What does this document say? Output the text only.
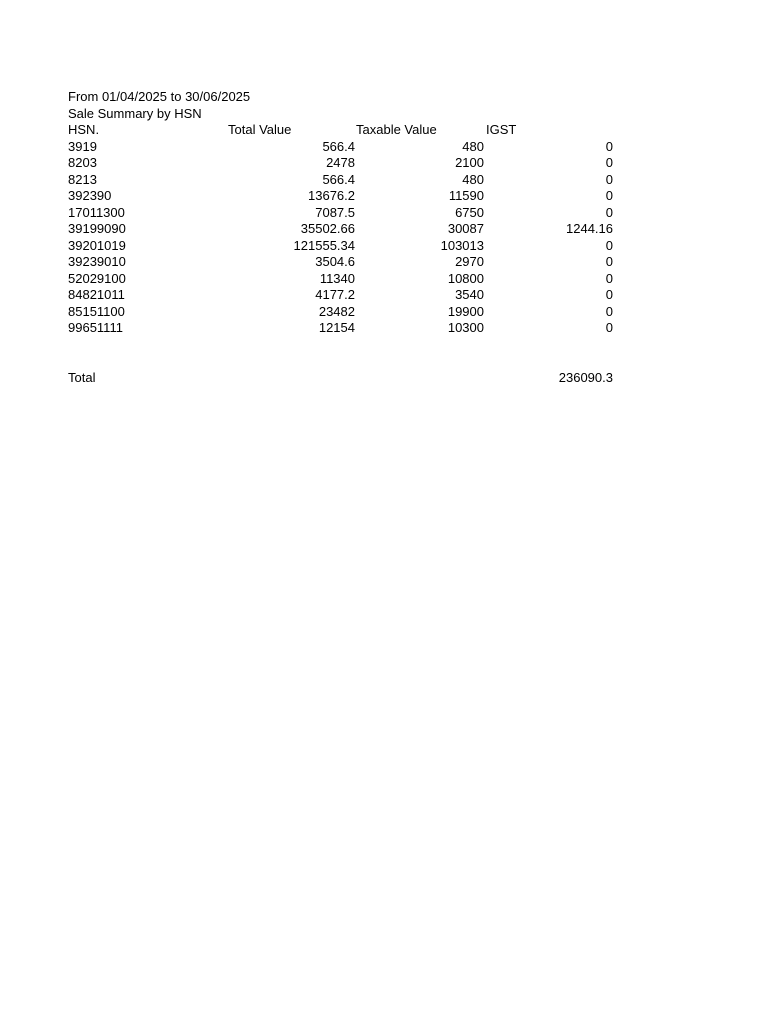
From 01/04/2025 to 30/06/2025
Sale Summary by HSN
HSN.	Total Value	Taxable Value	IGST
3919	566.4	480	0
8203	2478	2100	0
8213	566.4	480	0
392390	13676.2	11590	0
17011300	7087.5	6750	0
39199090	35502.66	30087	1244.16
39201019	121555.34	103013	0
39239010	3504.6	2970	0
52029100	11340	10800	0
84821011	4177.2	3540	0
85151100	23482	19900	0
99651111	12154	10300	0
Total	236090.3
